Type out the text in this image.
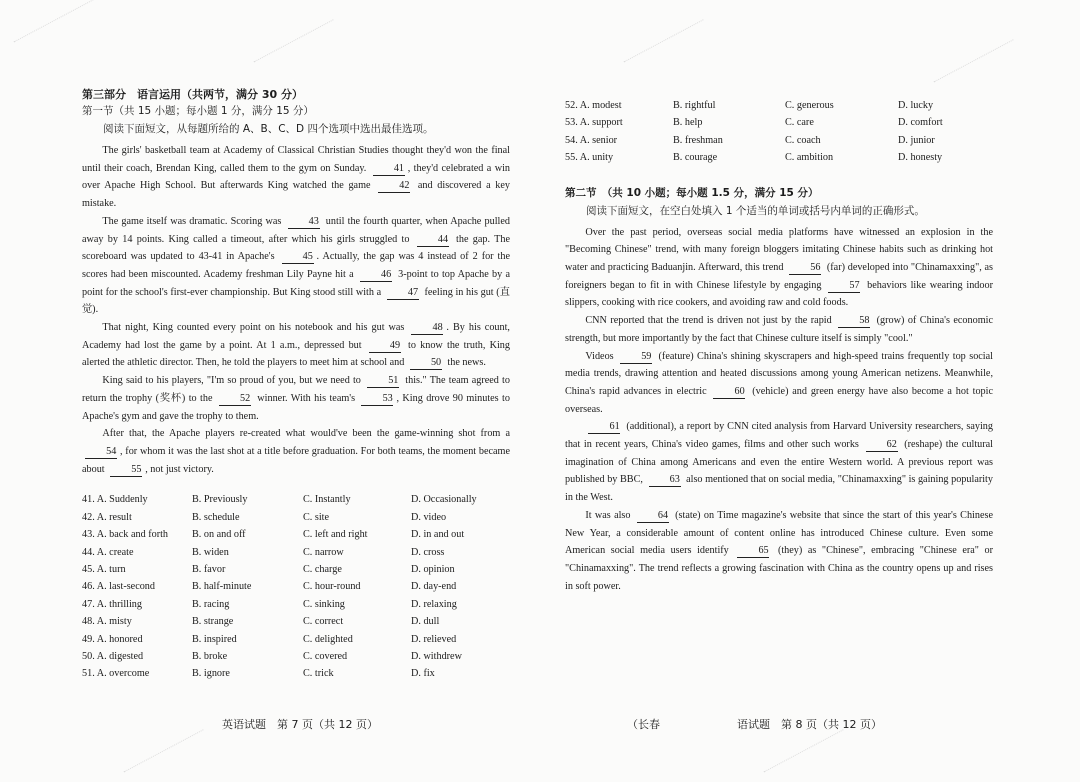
第三部分　语言运用（共两节，满分 30 分）

第一节（共 15 小题；每小题 1 分，满分 15 分）

阅读下面短文，从每题所给的 A、B、C、D 四个选项中选出最佳选项。

The girls' basketball team at Academy of Classical Christian Studies thought they'd won the final until their coach, Brendan King, called them to the gym on Sunday. 41 , they'd celebrated a win over Apache High School. But afterwards King watched the game 42 and discovered a key mistake.

The game itself was dramatic. Scoring was 43 until the fourth quarter, when Apache pulled away by 14 points. King called a timeout, after which his girls struggled to 44 the gap. The scoreboard was updated to 43-41 in Apache's 45 . Actually, the gap was 4 instead of 2 for the scores had been miscounted. Academy freshman Lily Payne hit a 46 3-point to top Apache by a point for the school's first-ever championship. But King stood still with a 47 feeling in his gut (直觉).

That night, King counted every point on his notebook and his gut was 48 . By his count, Academy had lost the game by a point. At 1 a.m., depressed but 49 to know the truth, King alerted the athletic director. Then, he told the players to meet him at school and 50 the news.

King said to his players, "I'm so proud of you, but we need to 51 this." The team agreed to return the trophy (奖杯) to the 52 winner. With his team's 53 , King drove 90 minutes to Apache's gym and gave the trophy to them.

After that, the Apache players re-created what would've been the game-winning shot from a 54 , for whom it was the last shot at a title before graduation. For both teams, the moment became about 55 , not just victory.

41. A. Suddenly	B. Previously	C. Instantly	D. Occasionally
42. A. result	B. schedule	C. site	D. video
43. A. back and forth	B. on and off	C. left and right	D. in and out
44. A. create	B. widen	C. narrow	D. cross
45. A. turn	B. favor	C. charge	D. opinion
46. A. last-second	B. half-minute	C. hour-round	D. day-end
47. A. thrilling	B. racing	C. sinking	D. relaxing
48. A. misty	B. strange	C. correct	D. dull
49. A. honored	B. inspired	C. delighted	D. relieved
50. A. digested	B. broke	C. covered	D. withdrew
51. A. overcome	B. ignore	C. trick	D. fix
52. A. modest	B. rightful	C. generous	D. lucky
53. A. support	B. help	C. care	D. comfort
54. A. senior	B. freshman	C. coach	D. junior
55. A. unity	B. courage	C. ambition	D. honesty

第二节　（共 10 小题；每小题 1.5 分，满分 15 分）

阅读下面短文，在空白处填入 1 个适当的单词或括号内单词的正确形式。

Over the past period, overseas social media platforms have witnessed an explosion in the "Becoming Chinese" trend, with many foreign bloggers imitating Chinese habits such as drinking hot water and practicing Baduanjin. Afterward, this trend 56 (far) developed into "Chinamaxxing", as foreigners began to fit in with Chinese lifestyle by engaging 57 behaviors like wearing indoor slippers, cooking with rice cookers, and avoiding raw and cold foods.

CNN reported that the trend is driven not just by the rapid 58 (grow) of China's economic strength, but more importantly by the fact that Chinese culture itself is simply "cool."

Videos 59 (feature) China's shining skyscrapers and high-speed trains frequently top social media trends, drawing attention and heated discussions among young American netizens. Meanwhile, China's rapid advances in electric 60 (vehicle) and green energy have also become a hot topic overseas.

61 (additional), a report by CNN cited analysis from Harvard University researchers, saying that in recent years, China's video games, films and other such works 62 (reshape) the cultural imagination of China among Americans and even the entire Western world. A previous report was published by BBC, 63 also mentioned that on social media, "Chinamaxxing" is gaining popularity in the West.

It was also 64 (state) on Time magazine's website that since the start of this year's Chinese New Year, a considerable amount of content online has introduced Chinese culture. Even some American social media users identify 65 (they) as "Chinese", embracing "Chinese era" or "Chinamaxxing". The trend reflects a growing fascination with China as the country opens up and rises in soft power.

英语试题　第 7 页（共 12 页）	（长春	语试题　第 8 页（共 12 页）
